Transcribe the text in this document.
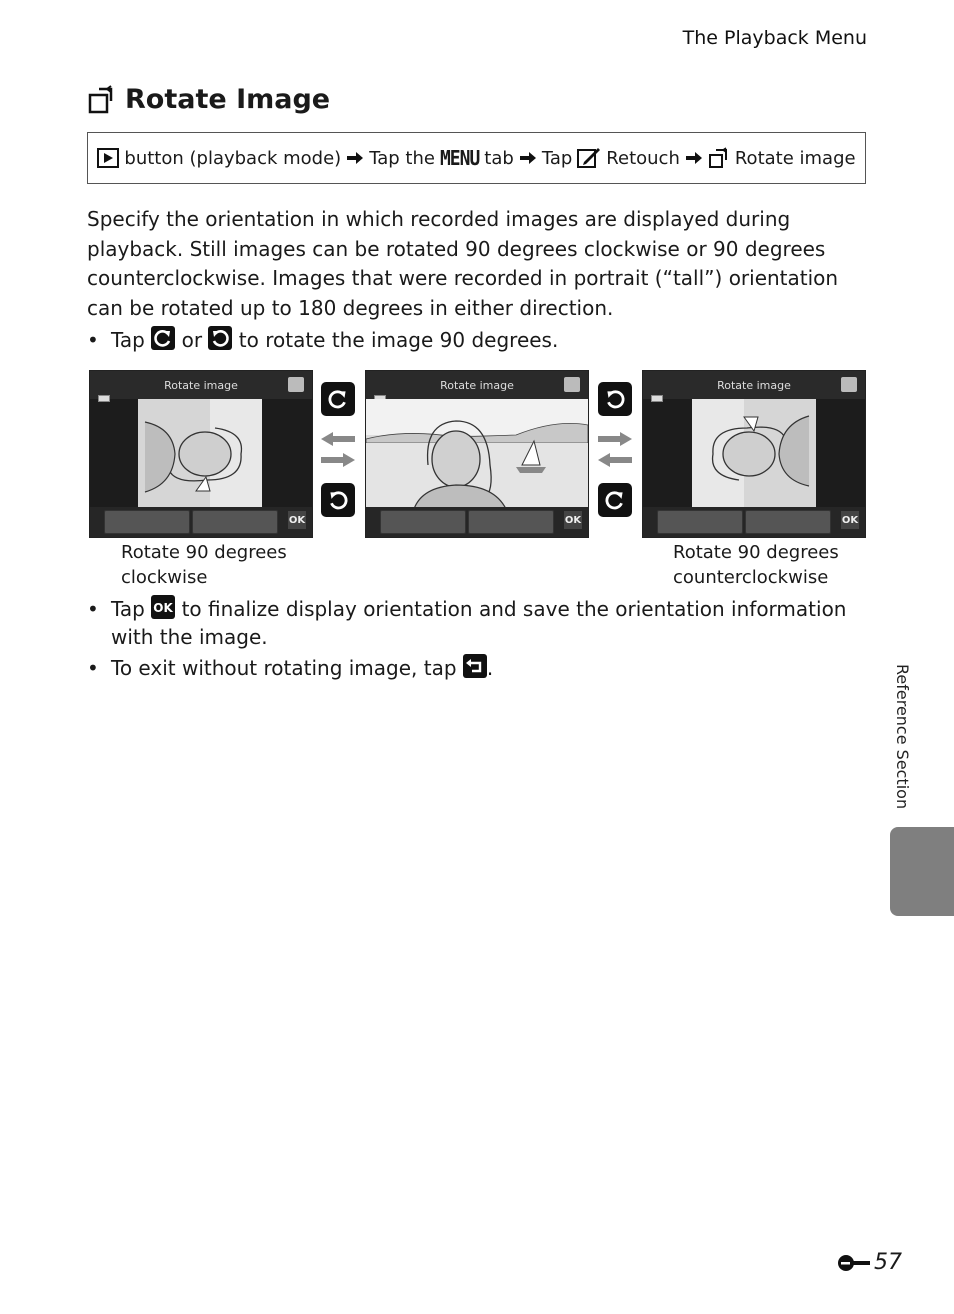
The Playback Menu
Rotate Image
button (playback mode) Tap the MENU tab Tap Retouch	Rotate image

Specify the orientation in which recorded images are displayed during playback. Still images can be rotated 90 degrees clockwise or 90 degrees counterclockwise. Images that were recorded in portrait (“tall”) orientation can be rotated up to 180 degrees in either direction.

• Tap or to rotate the image 90 degrees.
Rotate image
OK
Rotate image
OK
Rotate image
OK
Rotate 90 degrees
clockwise
Rotate 90 degrees
counterclockwise
• Tap OK to finalize display orientation and save the orientation information with the image.
• To exit without rotating image, tap .	Reference Section
57
